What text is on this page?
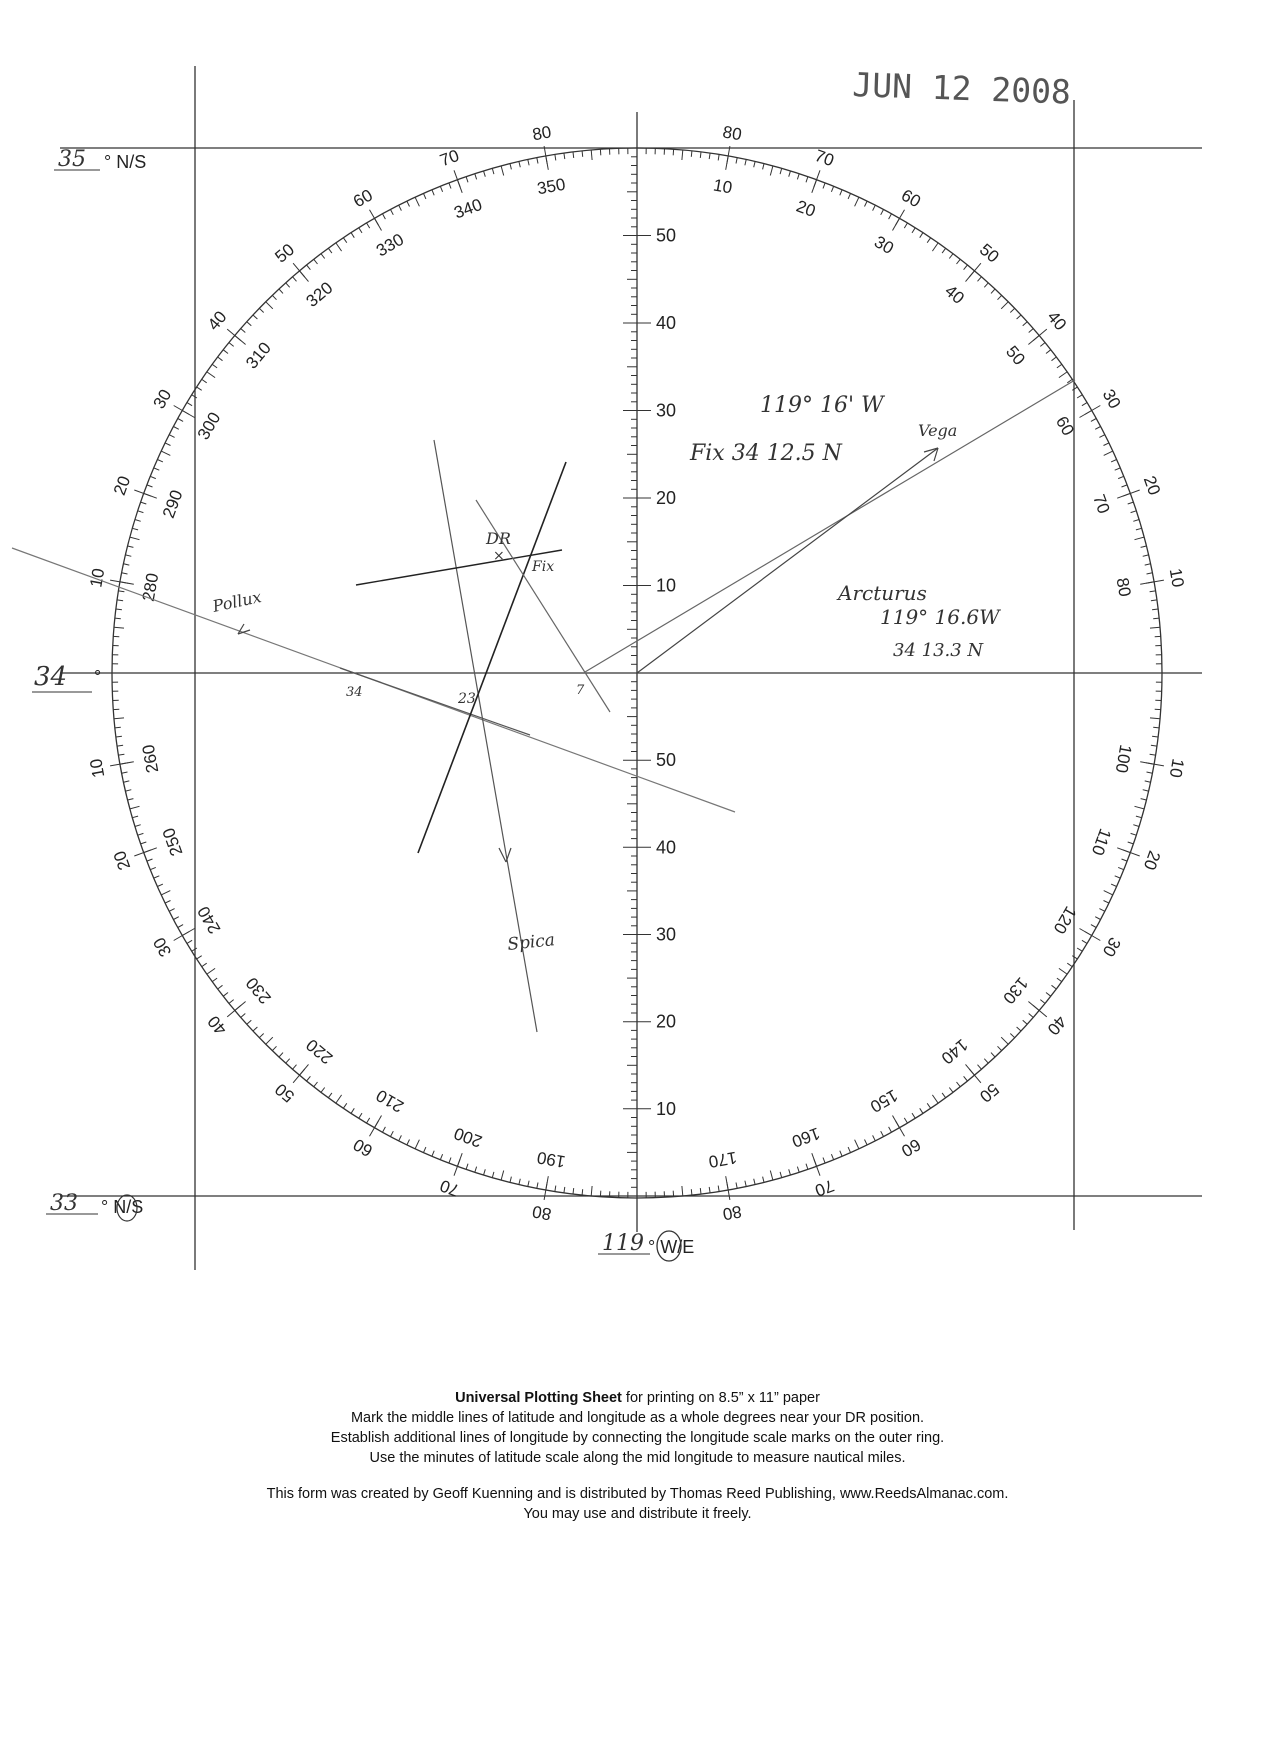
350
340
330
320
310
300
290
280
260
250
240
230
220
210
200
190	170
160
150
140
130
120
110
100
80
70
60
50
40
30
20
10
80
70
60
50
40
30
20
10
80
70
60
50
40
30
20
10
10
20
30
40
50
60
70
80
10
20
30
40
50
60
70
80
50
40
30
20
10
50
40
30
20
10
JUN 12 2008
35 ° N/S
34 °
33 ° N/S
119 ° W/E
119° 16' W
Fix 34 12.5 N
Vega
Arcturus
119° 16.6W
34 13.3 N
Pollux
Spica
DR
×
Fix
34	23
7

Universal Plotting Sheet for printing on 8.5” x 11” paper

Mark the middle lines of latitude and longitude as a whole degrees near your DR position.

Establish additional lines of longitude by connecting the longitude scale marks on the outer ring.

Use the minutes of latitude scale along the mid longitude to measure nautical miles.

This form was created by Geoff Kuenning and is distributed by Thomas Reed Publishing, www.ReedsAlmanac.com.

You may use and distribute it freely.
